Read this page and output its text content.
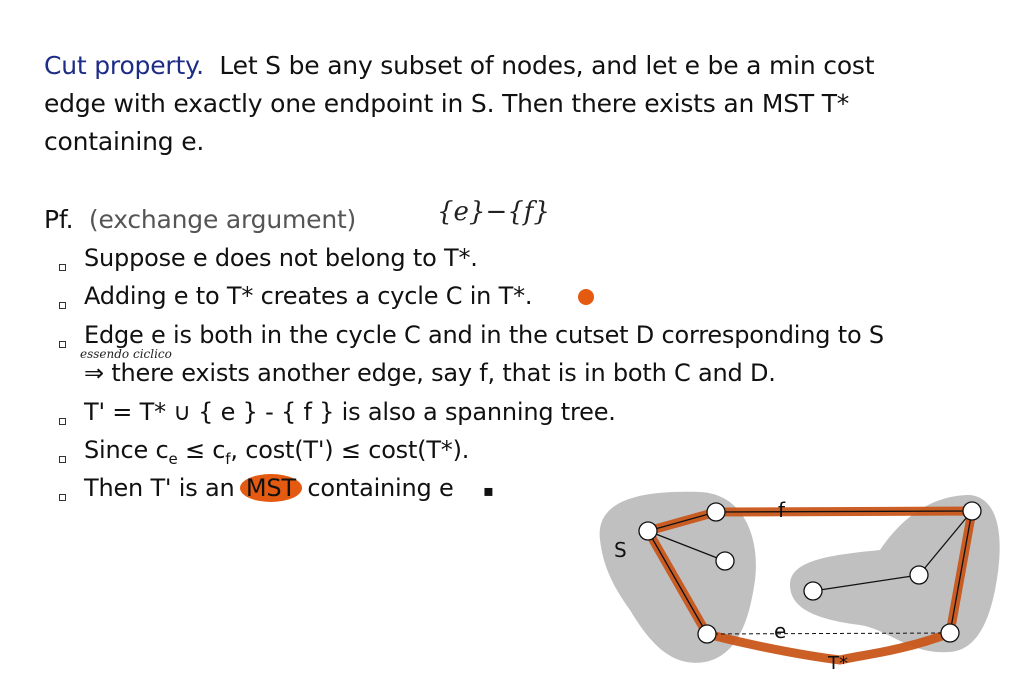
Cut property. Let S be any subset of nodes, and let e be a min cost
edge with exactly one endpoint in S. Then there exists an MST T*
containing e.
Pf. (exchange argument)	{e}−{f}
Suppose e does not belong to T*.
Adding e to T* creates a cycle C in T*.
Edge e is both in the cycle C and in the cutset D corresponding to S
essendo ciclico
⇒ there exists another edge, say f, that is in both C and D.
T' = T* ∪ { e } - { f } is also a spanning tree.
Since $c_e \le c_f$, cost(T') ≤ cost(T*).
Then T' is an MST containing e ▪
S
f
e
T*
